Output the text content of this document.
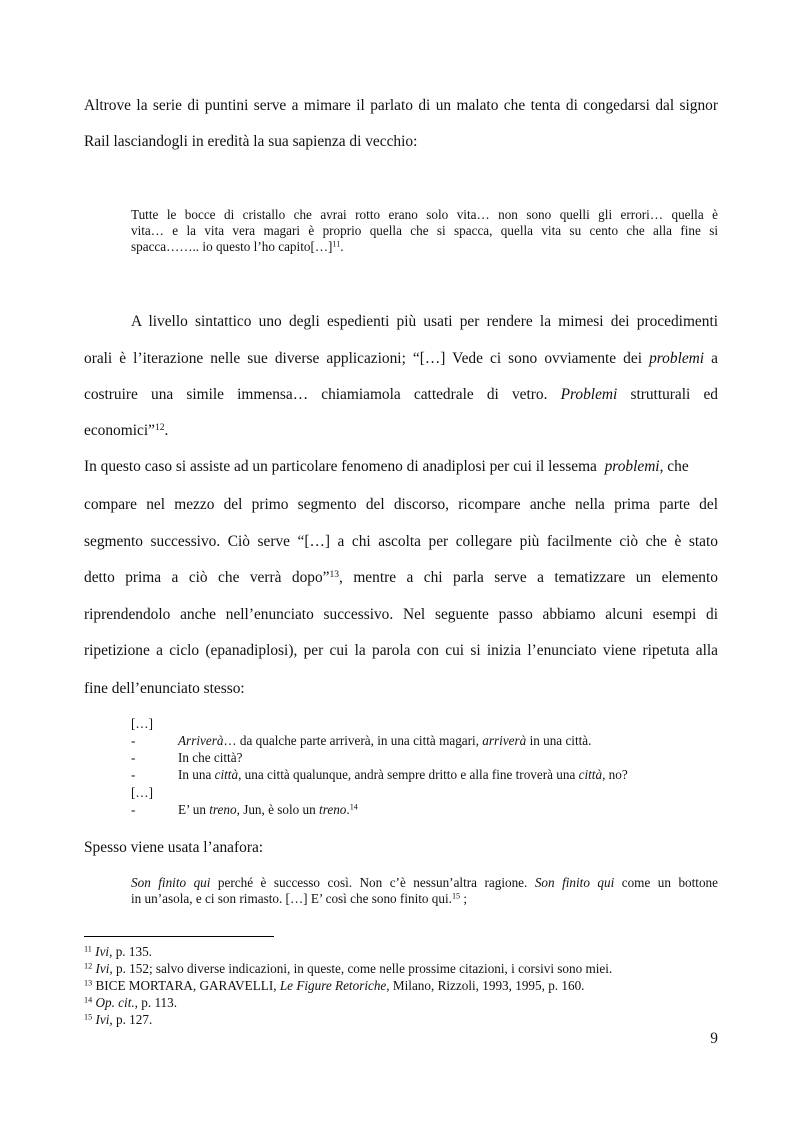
Altrove la serie di puntini serve a mimare il parlato di un malato che tenta di congedarsi dal signor
Rail lasciandogli in eredità la sua sapienza di vecchio:
Tutte le bocce di cristallo che avrai rotto erano solo vita… non sono quelli gli errori… quella è
vita… e la vita vera magari è proprio quella che si spacca, quella vita su cento che alla fine si
spacca…….. io questo l’ho capito[…]$^{11}$.
A livello sintattico uno degli espedienti più usati per rendere la mimesi dei procedimenti
orali è l’iterazione nelle sue diverse applicazioni; “[…] Vede ci sono ovviamente dei problemi a
costruire una simile immensa… chiamiamola cattedrale di vetro. Problemi strutturali ed
economici”$^{12}$.
In questo caso si assiste ad un particolare fenomeno di anadiplosi per cui il lessema problemi, che
compare nel mezzo del primo segmento del discorso, ricompare anche nella prima parte del
segmento successivo. Ciò serve “[…] a chi ascolta per collegare più facilmente ciò che è stato
detto prima a ciò che verrà dopo”$^{13}$, mentre a chi parla serve a tematizzare un elemento
riprendendolo anche nell’enunciato successivo. Nel seguente passo abbiamo alcuni esempi di
ripetizione a ciclo (epanadiplosi), per cui la parola con cui si inizia l’enunciato viene ripetuta alla
fine dell’enunciato stesso:
[…]
-	Arriverà… da qualche parte arriverà, in una città magari, arriverà in una città.
-	In che città?
-	In una città, una città qualunque, andrà sempre dritto e alla fine troverà una città, no?
[…]
-	E’ un treno, Jun, è solo un treno.$^{14}$
Spesso viene usata l’anafora:
Son finito qui perché è successo così. Non c’è nessun’altra ragione. Son finito qui come un bottone
in un’asola, e ci son rimasto. […] E’ così che sono finito qui.$^{15}$ ;
$^{11}$ Ivi, p. 135.
$^{12}$ Ivi, p. 152; salvo diverse indicazioni, in queste, come nelle prossime citazioni, i corsivi sono miei.
$^{13}$ BICE MORTARA, GARAVELLI, Le Figure Retoriche, Milano, Rizzoli, 1993, 1995, p. 160.
$^{14}$ Op. cit., p. 113.
$^{15}$ Ivi, p. 127.
9
